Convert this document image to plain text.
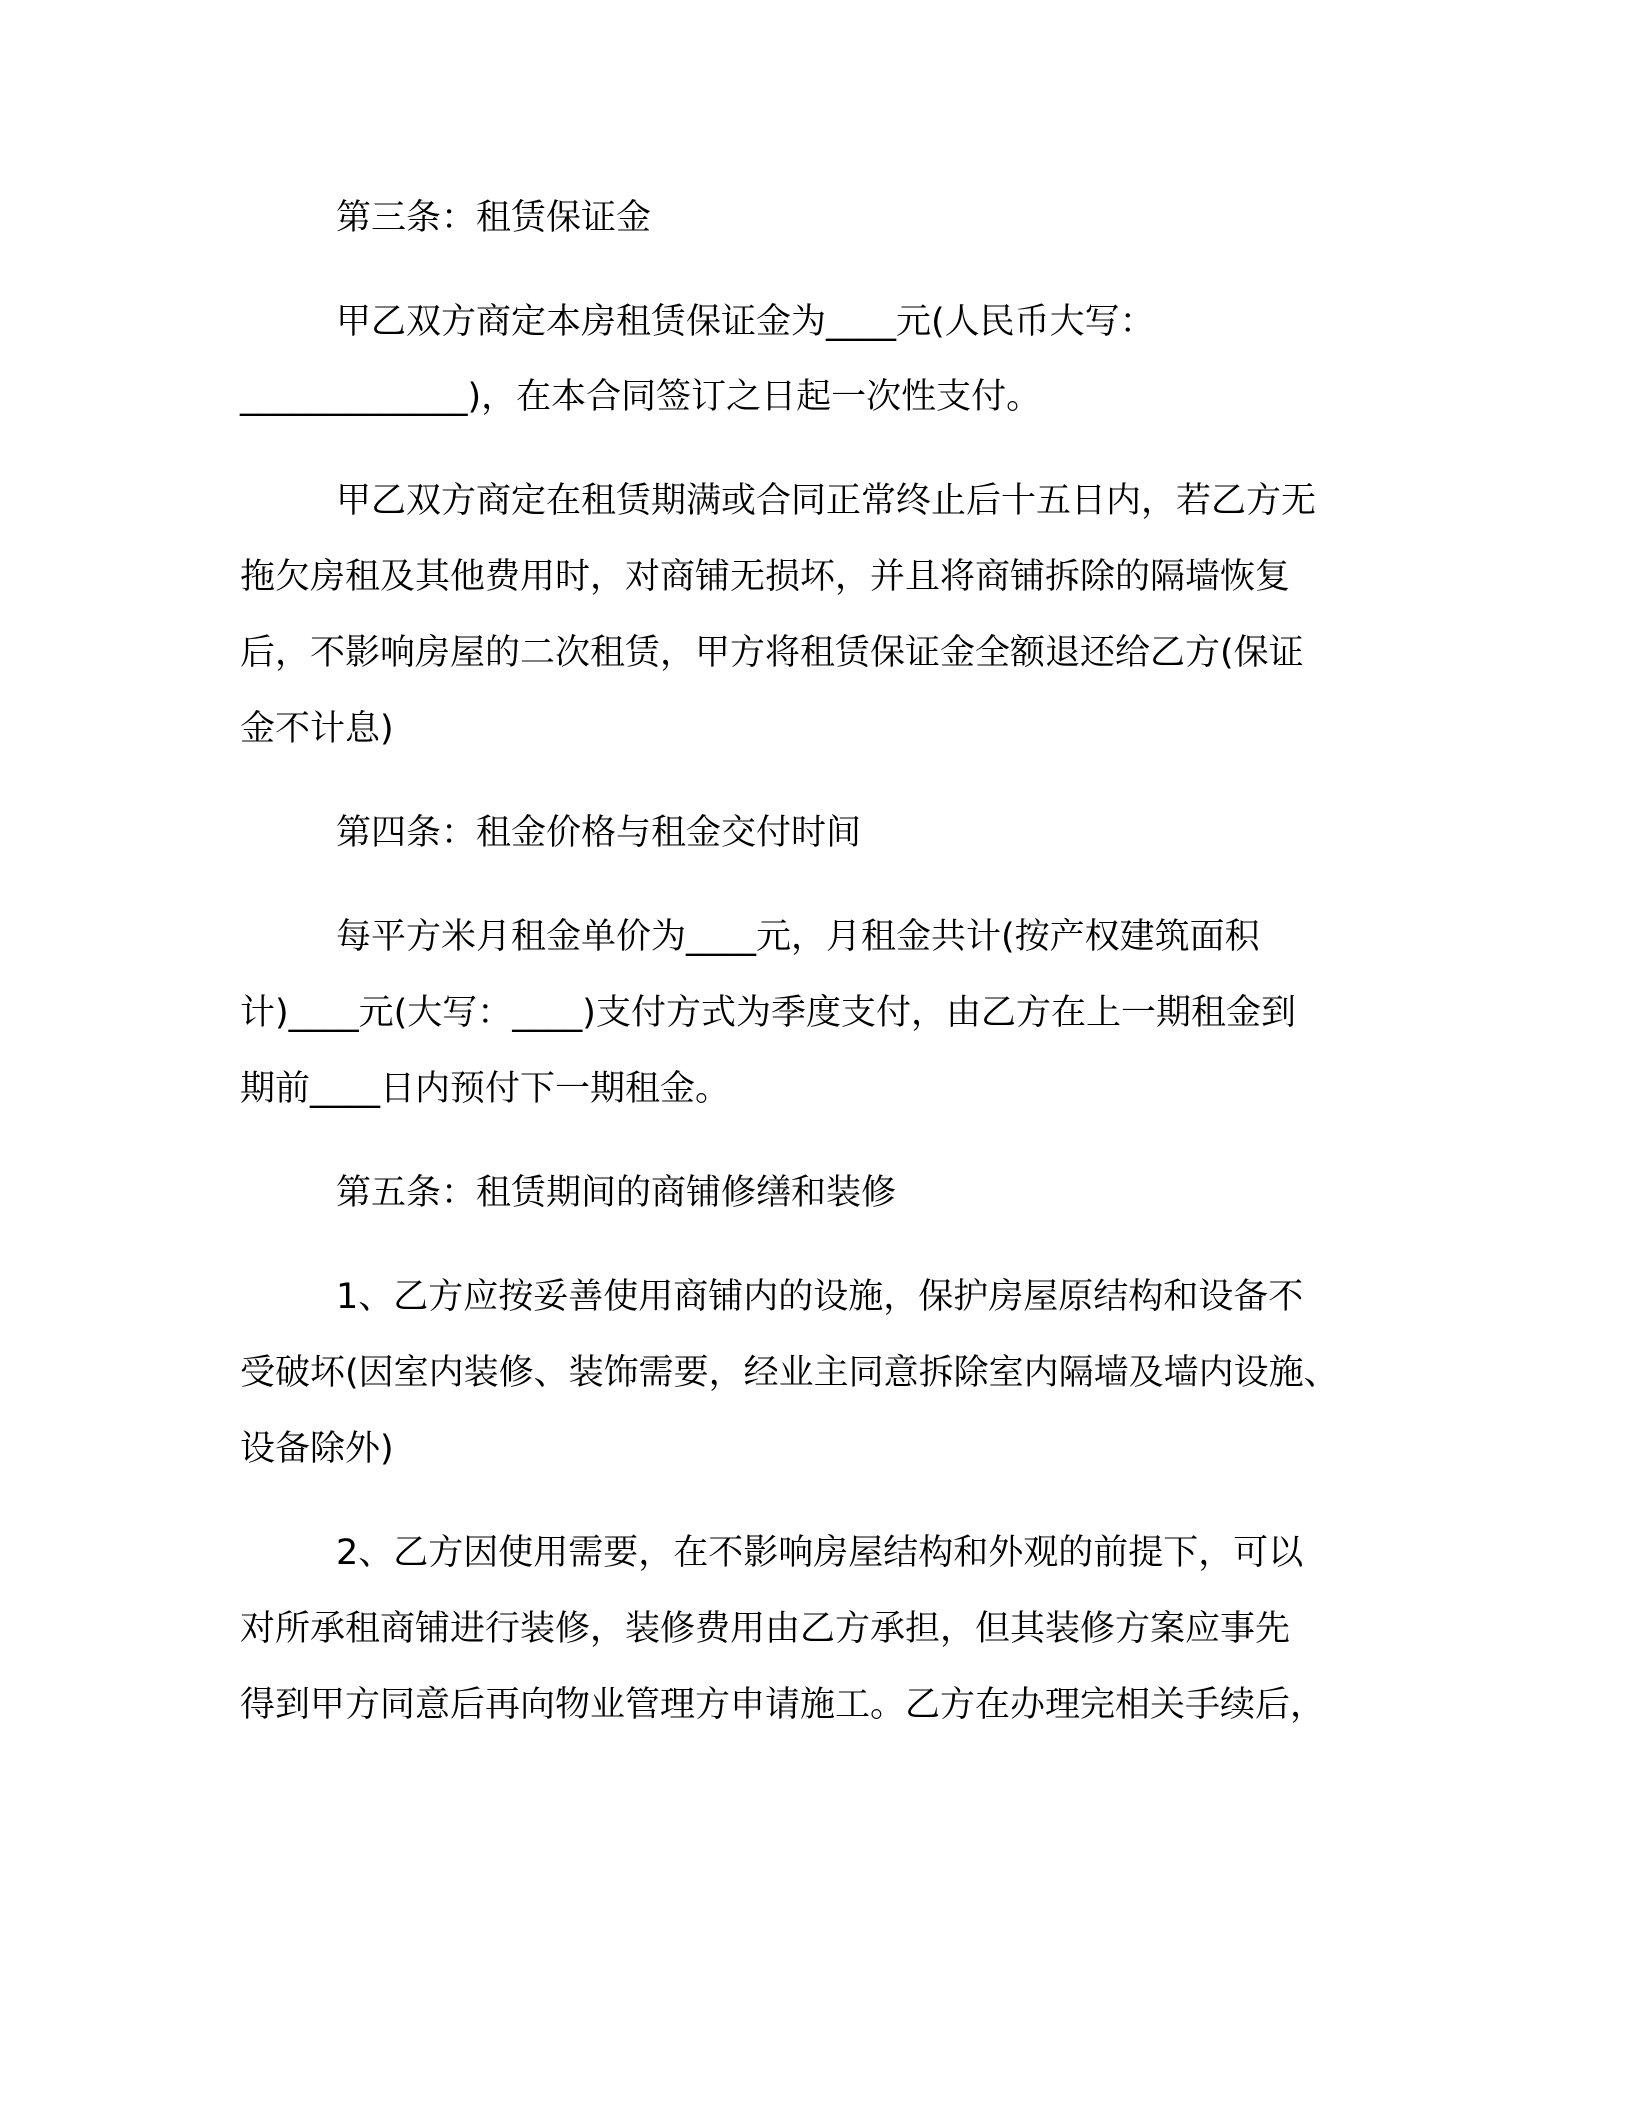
第三条：租赁保证金
甲乙双方商定本房租赁保证金为____元(人民币大写：
_____________)，在本合同签订之日起一次性支付。
甲乙双方商定在租赁期满或合同正常终止后十五日内，若乙方无
拖欠房租及其他费用时，对商铺无损坏，并且将商铺拆除的隔墙恢复
后，不影响房屋的二次租赁，甲方将租赁保证金全额退还给乙方(保证
金不计息)
第四条：租金价格与租金交付时间
每平方米月租金单价为____元，月租金共计(按产权建筑面积
计)____元(大写：____)支付方式为季度支付，由乙方在上一期租金到
期前____日内预付下一期租金。
第五条：租赁期间的商铺修缮和装修
1、乙方应按妥善使用商铺内的设施，保护房屋原结构和设备不
受破坏(因室内装修、装饰需要，经业主同意拆除室内隔墙及墙内设施、
设备除外)
2、乙方因使用需要，在不影响房屋结构和外观的前提下，可以
对所承租商铺进行装修，装修费用由乙方承担，但其装修方案应事先
得到甲方同意后再向物业管理方申请施工。乙方在办理完相关手续后，
